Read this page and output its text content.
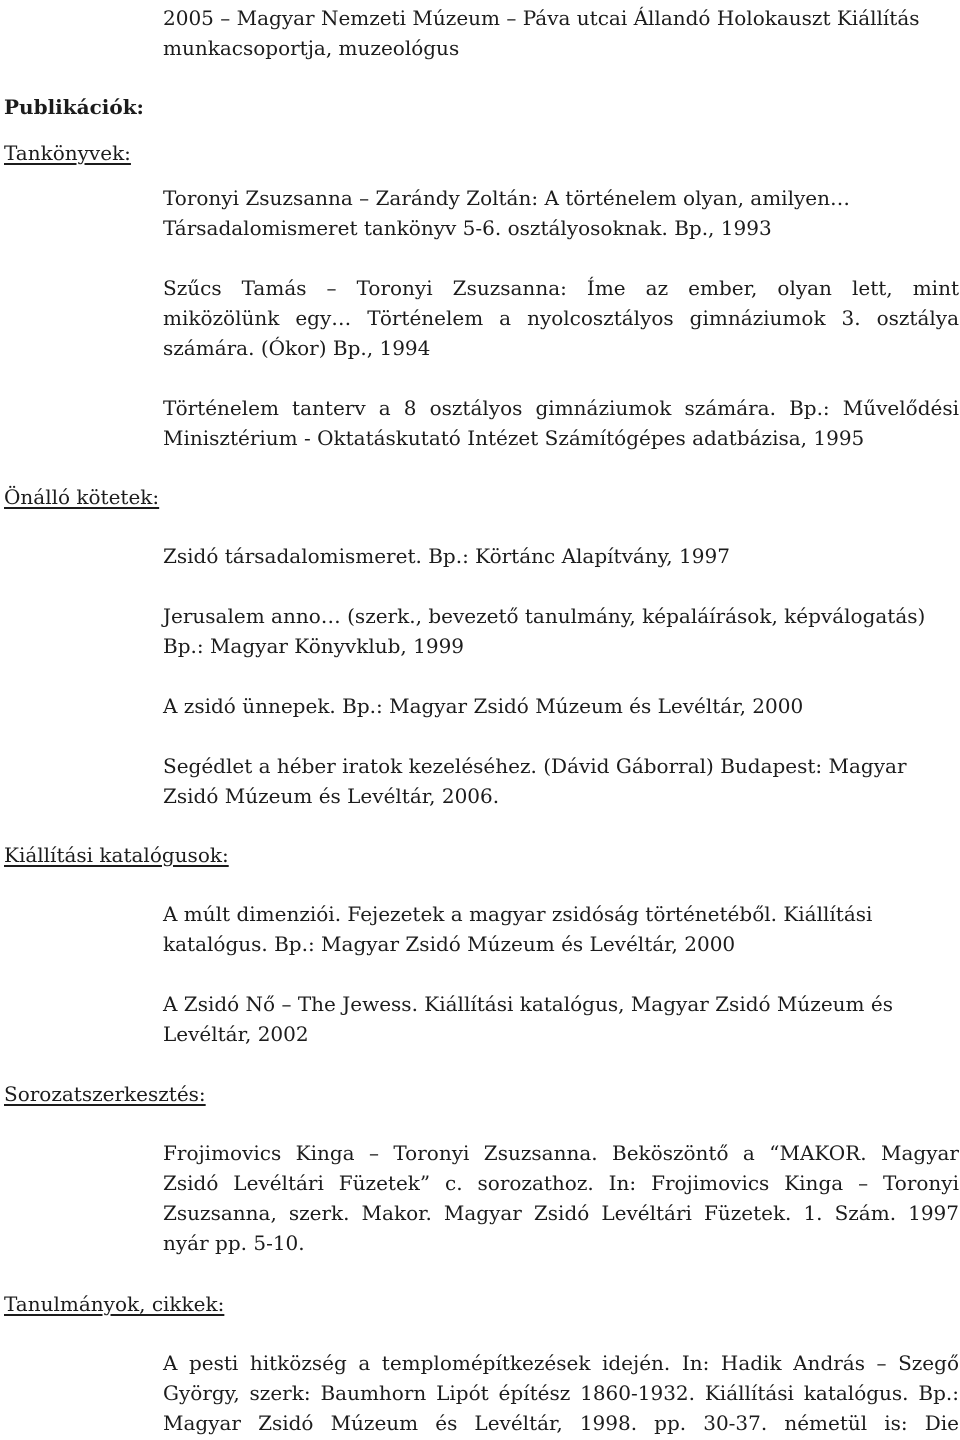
2005 – Magyar Nemzeti Múzeum – Páva utcai Állandó Holokauszt Kiállítás
munkacsoportja, muzeológus
Publikációk:
Tankönyvek:
Toronyi Zsuzsanna – Zarándy Zoltán: A történelem olyan, amilyen…
Társadalomismeret tankönyv 5-6. osztályosoknak. Bp., 1993
Szűcs Tamás – Toronyi Zsuzsanna: Íme az ember, olyan lett, mint
miközölünk egy… Történelem a nyolcosztályos gimnáziumok 3. osztálya
számára. (Ókor) Bp., 1994
Történelem tanterv a 8 osztályos gimnáziumok számára. Bp.: Művelődési
Minisztérium - Oktatáskutató Intézet Számítógépes adatbázisa, 1995
Önálló kötetek:
Zsidó társadalomismeret. Bp.: Körtánc Alapítvány, 1997
Jerusalem anno… (szerk., bevezető tanulmány, képaláírások, képválogatás)
Bp.: Magyar Könyvklub, 1999
A zsidó ünnepek. Bp.: Magyar Zsidó Múzeum és Levéltár, 2000
Segédlet a héber iratok kezeléséhez. (Dávid Gáborral) Budapest: Magyar
Zsidó Múzeum és Levéltár, 2006.
Kiállítási katalógusok:
A múlt dimenziói. Fejezetek a magyar zsidóság történetéből. Kiállítási
katalógus. Bp.: Magyar Zsidó Múzeum és Levéltár, 2000
A Zsidó Nő – The Jewess. Kiállítási katalógus, Magyar Zsidó Múzeum és
Levéltár, 2002
Sorozatszerkesztés:
Frojimovics Kinga – Toronyi Zsuzsanna. Beköszöntő a “MAKOR. Magyar
Zsidó Levéltári Füzetek” c. sorozathoz. In: Frojimovics Kinga – Toronyi
Zsuzsanna, szerk. Makor. Magyar Zsidó Levéltári Füzetek. 1. Szám. 1997
nyár pp. 5-10.
Tanulmányok, cikkek:
A pesti hitközség a templomépítkezések idején. In: Hadik András – Szegő
György, szerk: Baumhorn Lipót építész 1860-1932. Kiállítási katalógus. Bp.:
Magyar Zsidó Múzeum és Levéltár, 1998. pp. 30-37. németül is: Die
